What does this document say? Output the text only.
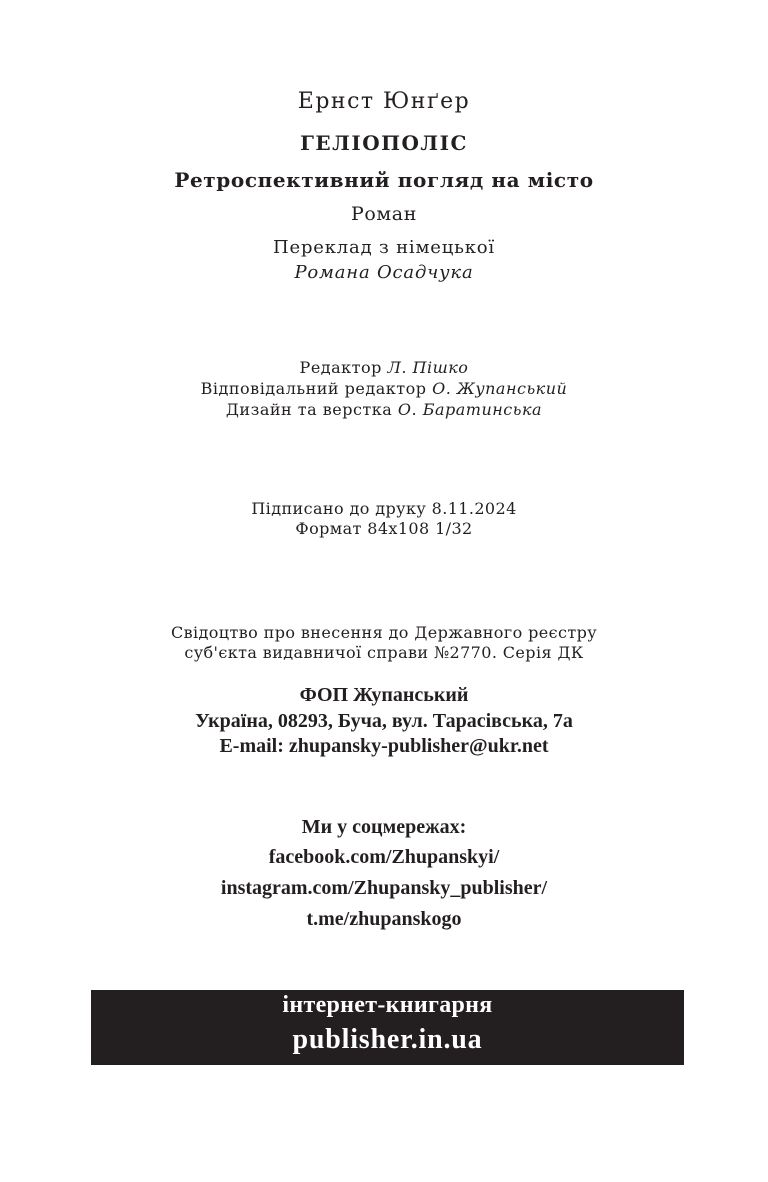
Ернст Юнґер
ГЕЛІОПОЛІС
Ретроспективний погляд на місто
Роман
Переклад з німецької
Романа Осадчука
Редактор Л. Пішко
Відповідальний редактор О. Жупанський
Дизайн та верстка О. Баратинська
Підписано до друку 8.11.2024
Формат 84х108 1/32
Свідоцтво про внесення до Державного реєстру
суб'єкта видавничої справи №2770. Серія ДК
ФОП Жупанський
Україна, 08293, Буча, вул. Тарасівська, 7а
E-mail: zhupansky-publisher@ukr.net
Ми у соцмережах:
facebook.com/Zhupanskyi/
instagram.com/Zhupansky_publisher/
t.me/zhupanskogo
інтернет-книгарня
publisher.in.ua
